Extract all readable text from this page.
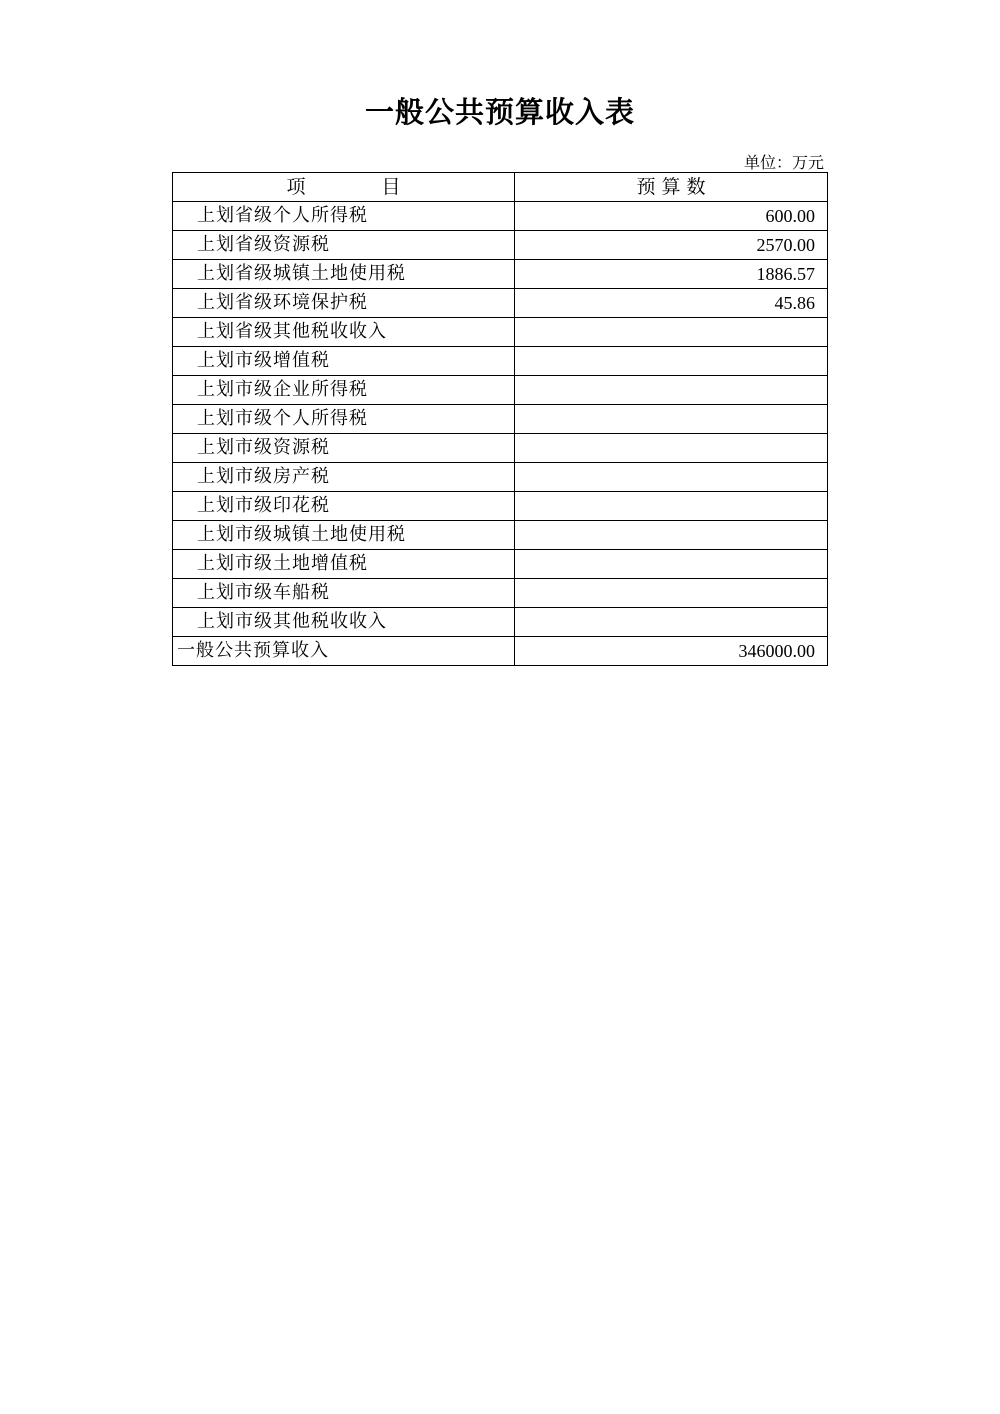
一般公共预算收入表
单位：万元
项　　　　目	预 算 数
上划省级个人所得税	600.00
上划省级资源税	2570.00
上划省级城镇土地使用税	1886.57
上划省级环境保护税	45.86
上划省级其他税收收入	
上划市级增值税	
上划市级企业所得税	
上划市级个人所得税	
上划市级资源税	
上划市级房产税	
上划市级印花税	
上划市级城镇土地使用税	
上划市级土地增值税	
上划市级车船税	
上划市级其他税收收入	
一般公共预算收入	346000.00
